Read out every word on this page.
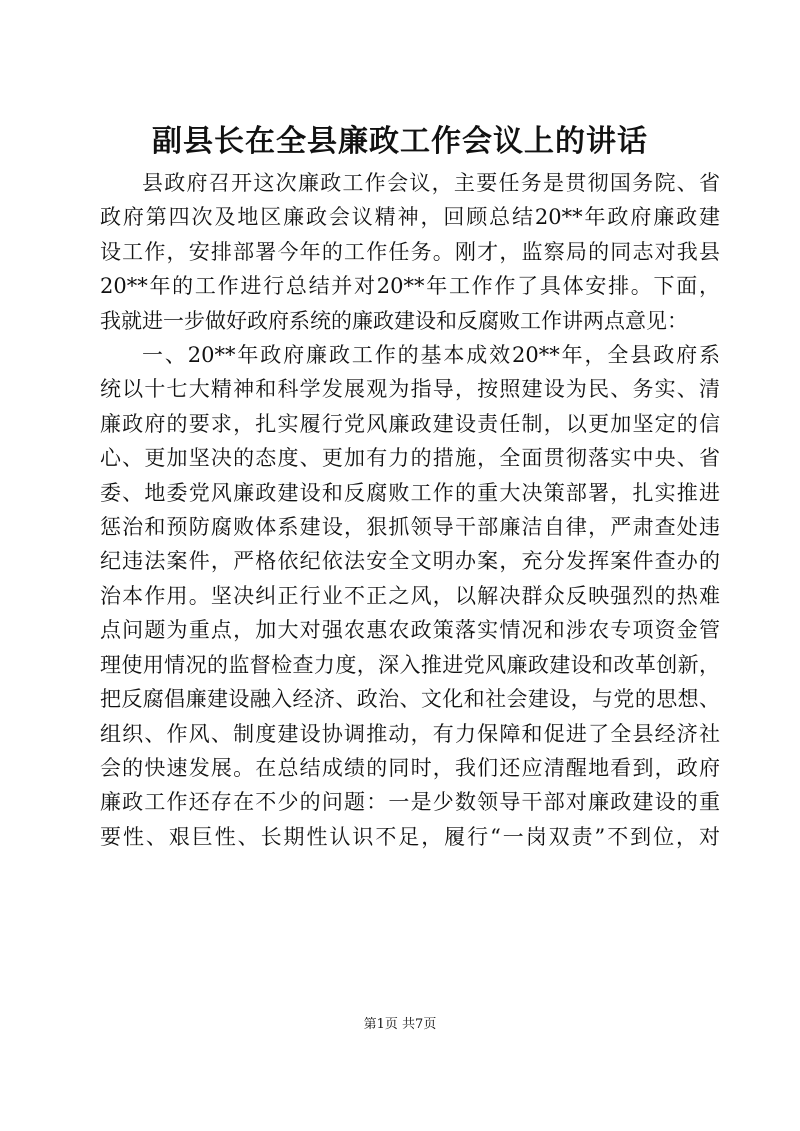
副县长在全县廉政工作会议上的讲话
县政府召开这次廉政工作会议，主要任务是贯彻国务院、省
政府第四次及地区廉政会议精神，回顾总结20**年政府廉政建
设工作，安排部署今年的工作任务。刚才，监察局的同志对我县
20**年的工作进行总结并对20**年工作作了具体安排。下面，
我就进一步做好政府系统的廉政建设和反腐败工作讲两点意见：
一、20**年政府廉政工作的基本成效20**年，全县政府系
统以十七大精神和科学发展观为指导，按照建设为民、务实、清
廉政府的要求，扎实履行党风廉政建设责任制，以更加坚定的信
心、更加坚决的态度、更加有力的措施，全面贯彻落实中央、省
委、地委党风廉政建设和反腐败工作的重大决策部署，扎实推进
惩治和预防腐败体系建设，狠抓领导干部廉洁自律，严肃查处违
纪违法案件，严格依纪依法安全文明办案，充分发挥案件查办的
治本作用。坚决纠正行业不正之风，以解决群众反映强烈的热难
点问题为重点，加大对强农惠农政策落实情况和涉农专项资金管
理使用情况的监督检查力度，深入推进党风廉政建设和改革创新，
把反腐倡廉建设融入经济、政治、文化和社会建设，与党的思想、
组织、作风、制度建设协调推动，有力保障和促进了全县经济社
会的快速发展。在总结成绩的同时，我们还应清醒地看到，政府
廉政工作还存在不少的问题：一是少数领导干部对廉政建设的重
要性、艰巨性、长期性认识不足，履行“一岗双责”不到位，对
第1页 共7页
